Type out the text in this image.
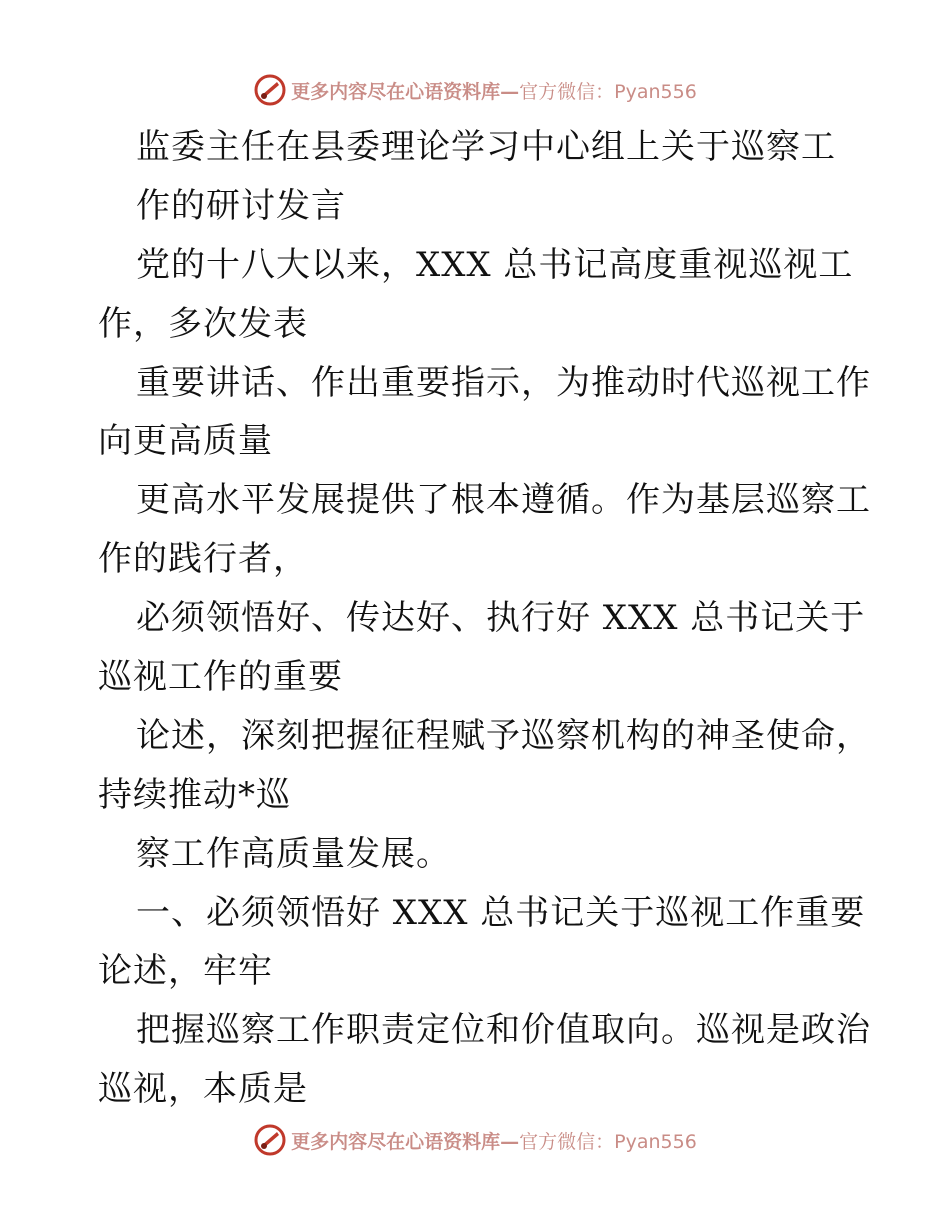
更多内容尽在心语资料库—官方微信：Pyan556
监委主任在县委理论学习中心组上关于巡察工
作的研讨发言
党的十八大以来，XXX 总书记高度重视巡视工
作，多次发表
重要讲话、作出重要指示，为推动时代巡视工作
向更高质量
更高水平发展提供了根本遵循。作为基层巡察工
作的践行者，
必须领悟好、传达好、执行好 XXX 总书记关于
巡视工作的重要
论述，深刻把握征程赋予巡察机构的神圣使命，
持续推动*巡
察工作高质量发展。
一、必须领悟好 XXX 总书记关于巡视工作重要
论述，牢牢
把握巡察工作职责定位和价值取向。巡视是政治
巡视，本质是
更多内容尽在心语资料库—官方微信：Pyan556
